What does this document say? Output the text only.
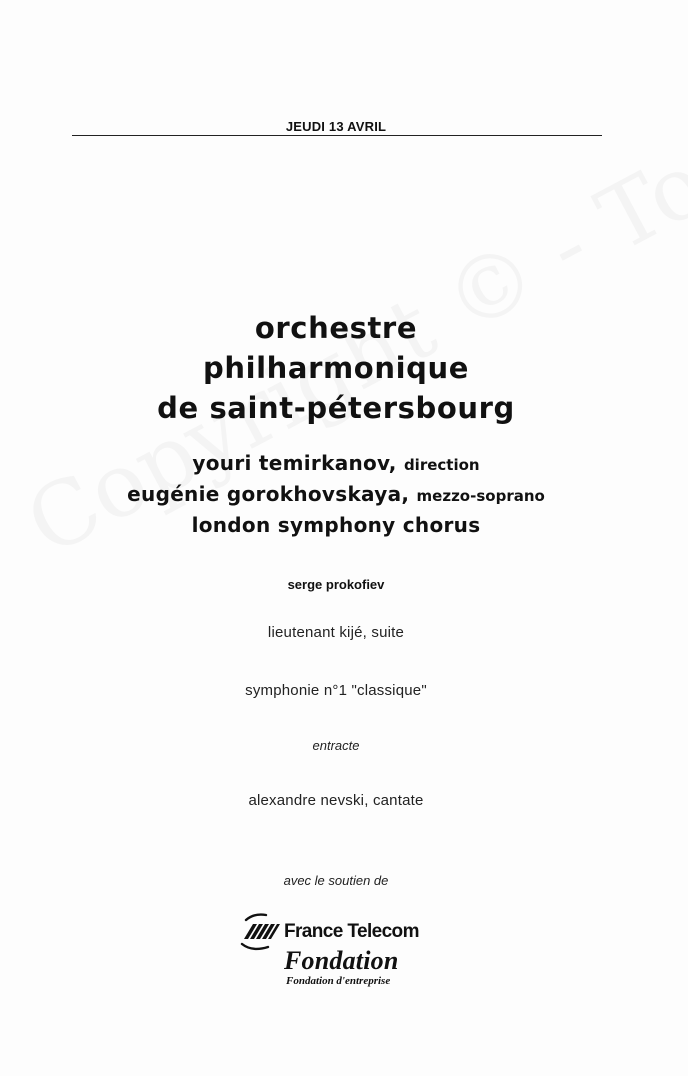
JEUDI 13 AVRIL
orchestre
philharmonique
de saint-pétersbourg
youri temirkanov, direction
eugénie gorokhovskaya, mezzo-soprano
london symphony chorus
serge prokofiev
lieutenant kijé, suite
symphonie n°1 "classique"
entracte
alexandre nevski, cantate
avec le soutien de
France Telecom
Fondation
Fondation d'entreprise
